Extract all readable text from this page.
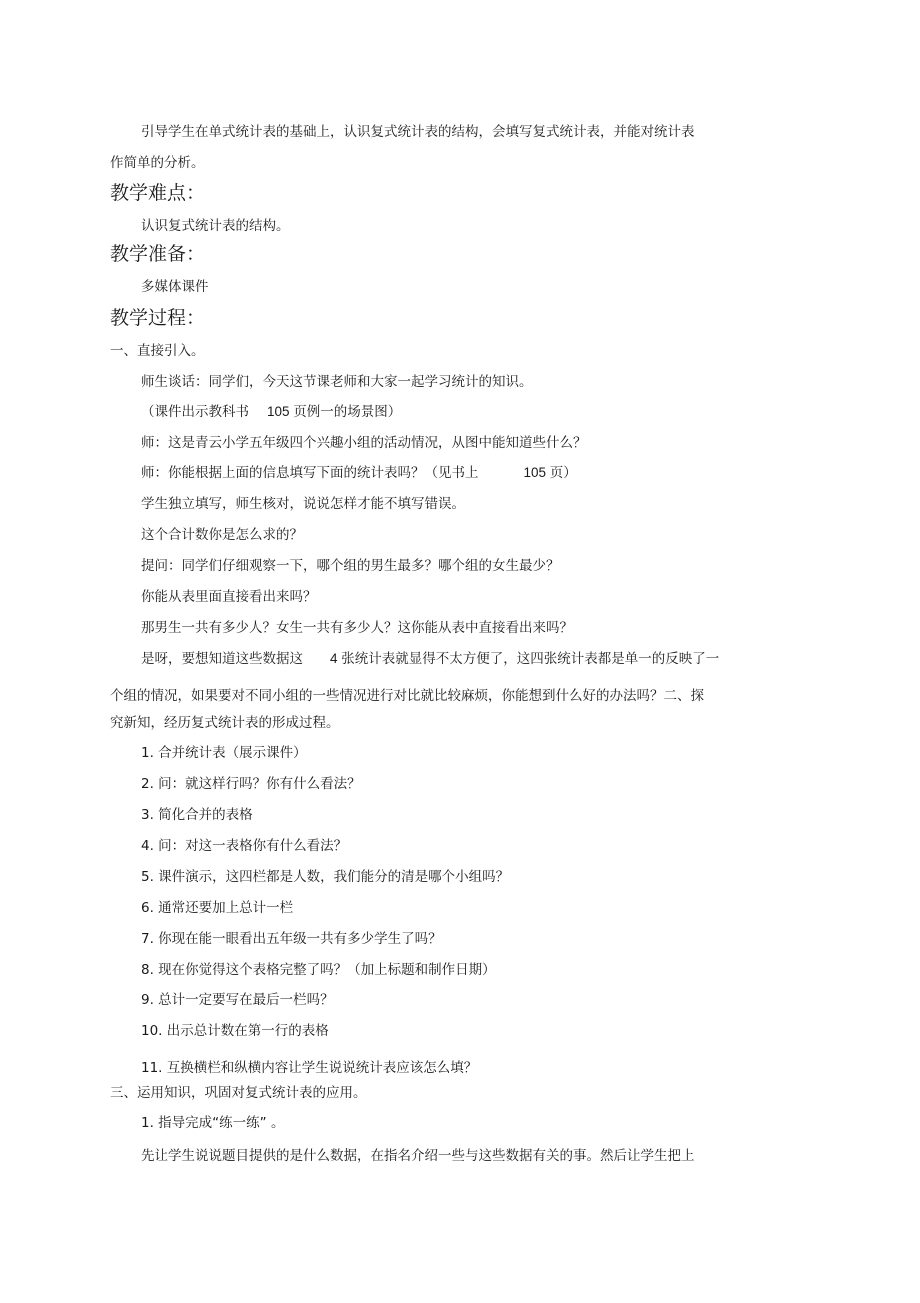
引导学生在单式统计表的基础上，认识复式统计表的结构，会填写复式统计表，并能对统计表
作简单的分析。
教学难点：
认识复式统计表的结构。
教学准备：
多媒体课件
教学过程：
一、直接引入。
师生谈话：同学们，今天这节课老师和大家一起学习统计的知识。
（课件出示教科书 105 页例一的场景图）
师：这是青云小学五年级四个兴趣小组的活动情况，从图中能知道些什么？
师：你能根据上面的信息填写下面的统计表吗？（见书上	105 页）
学生独立填写，师生核对，说说怎样才能不填写错误。
这个合计数你是怎么求的？
提问：同学们仔细观察一下，哪个组的男生最多？哪个组的女生最少？
你能从表里面直接看出来吗？
那男生一共有多少人？女生一共有多少人？这你能从表中直接看出来吗？
是呀，要想知道这些数据这 4 张统计表就显得不太方便了，这四张统计表都是单一的反映了一
个组的情况，如果要对不同小组的一些情况进行对比就比较麻烦，你能想到什么好的办法吗？二、探
究新知，经历复式统计表的形成过程。
1. 合并统计表（展示课件）
2. 问：就这样行吗？你有什么看法？
3. 简化合并的表格
4. 问：对这一表格你有什么看法？
5. 课件演示，这四栏都是人数，我们能分的清是哪个小组吗？
6. 通常还要加上总计一栏
7. 你现在能一眼看出五年级一共有多少学生了吗？
8. 现在你觉得这个表格完整了吗？（加上标题和制作日期）
9. 总计一定要写在最后一栏吗？
10. 出示总计数在第一行的表格
11. 互换横栏和纵横内容让学生说说统计表应该怎么填？
三、运用知识，巩固对复式统计表的应用。
1. 指导完成“练一练” 。
先让学生说说题目提供的是什么数据，在指名介绍一些与这些数据有关的事。然后让学生把上
